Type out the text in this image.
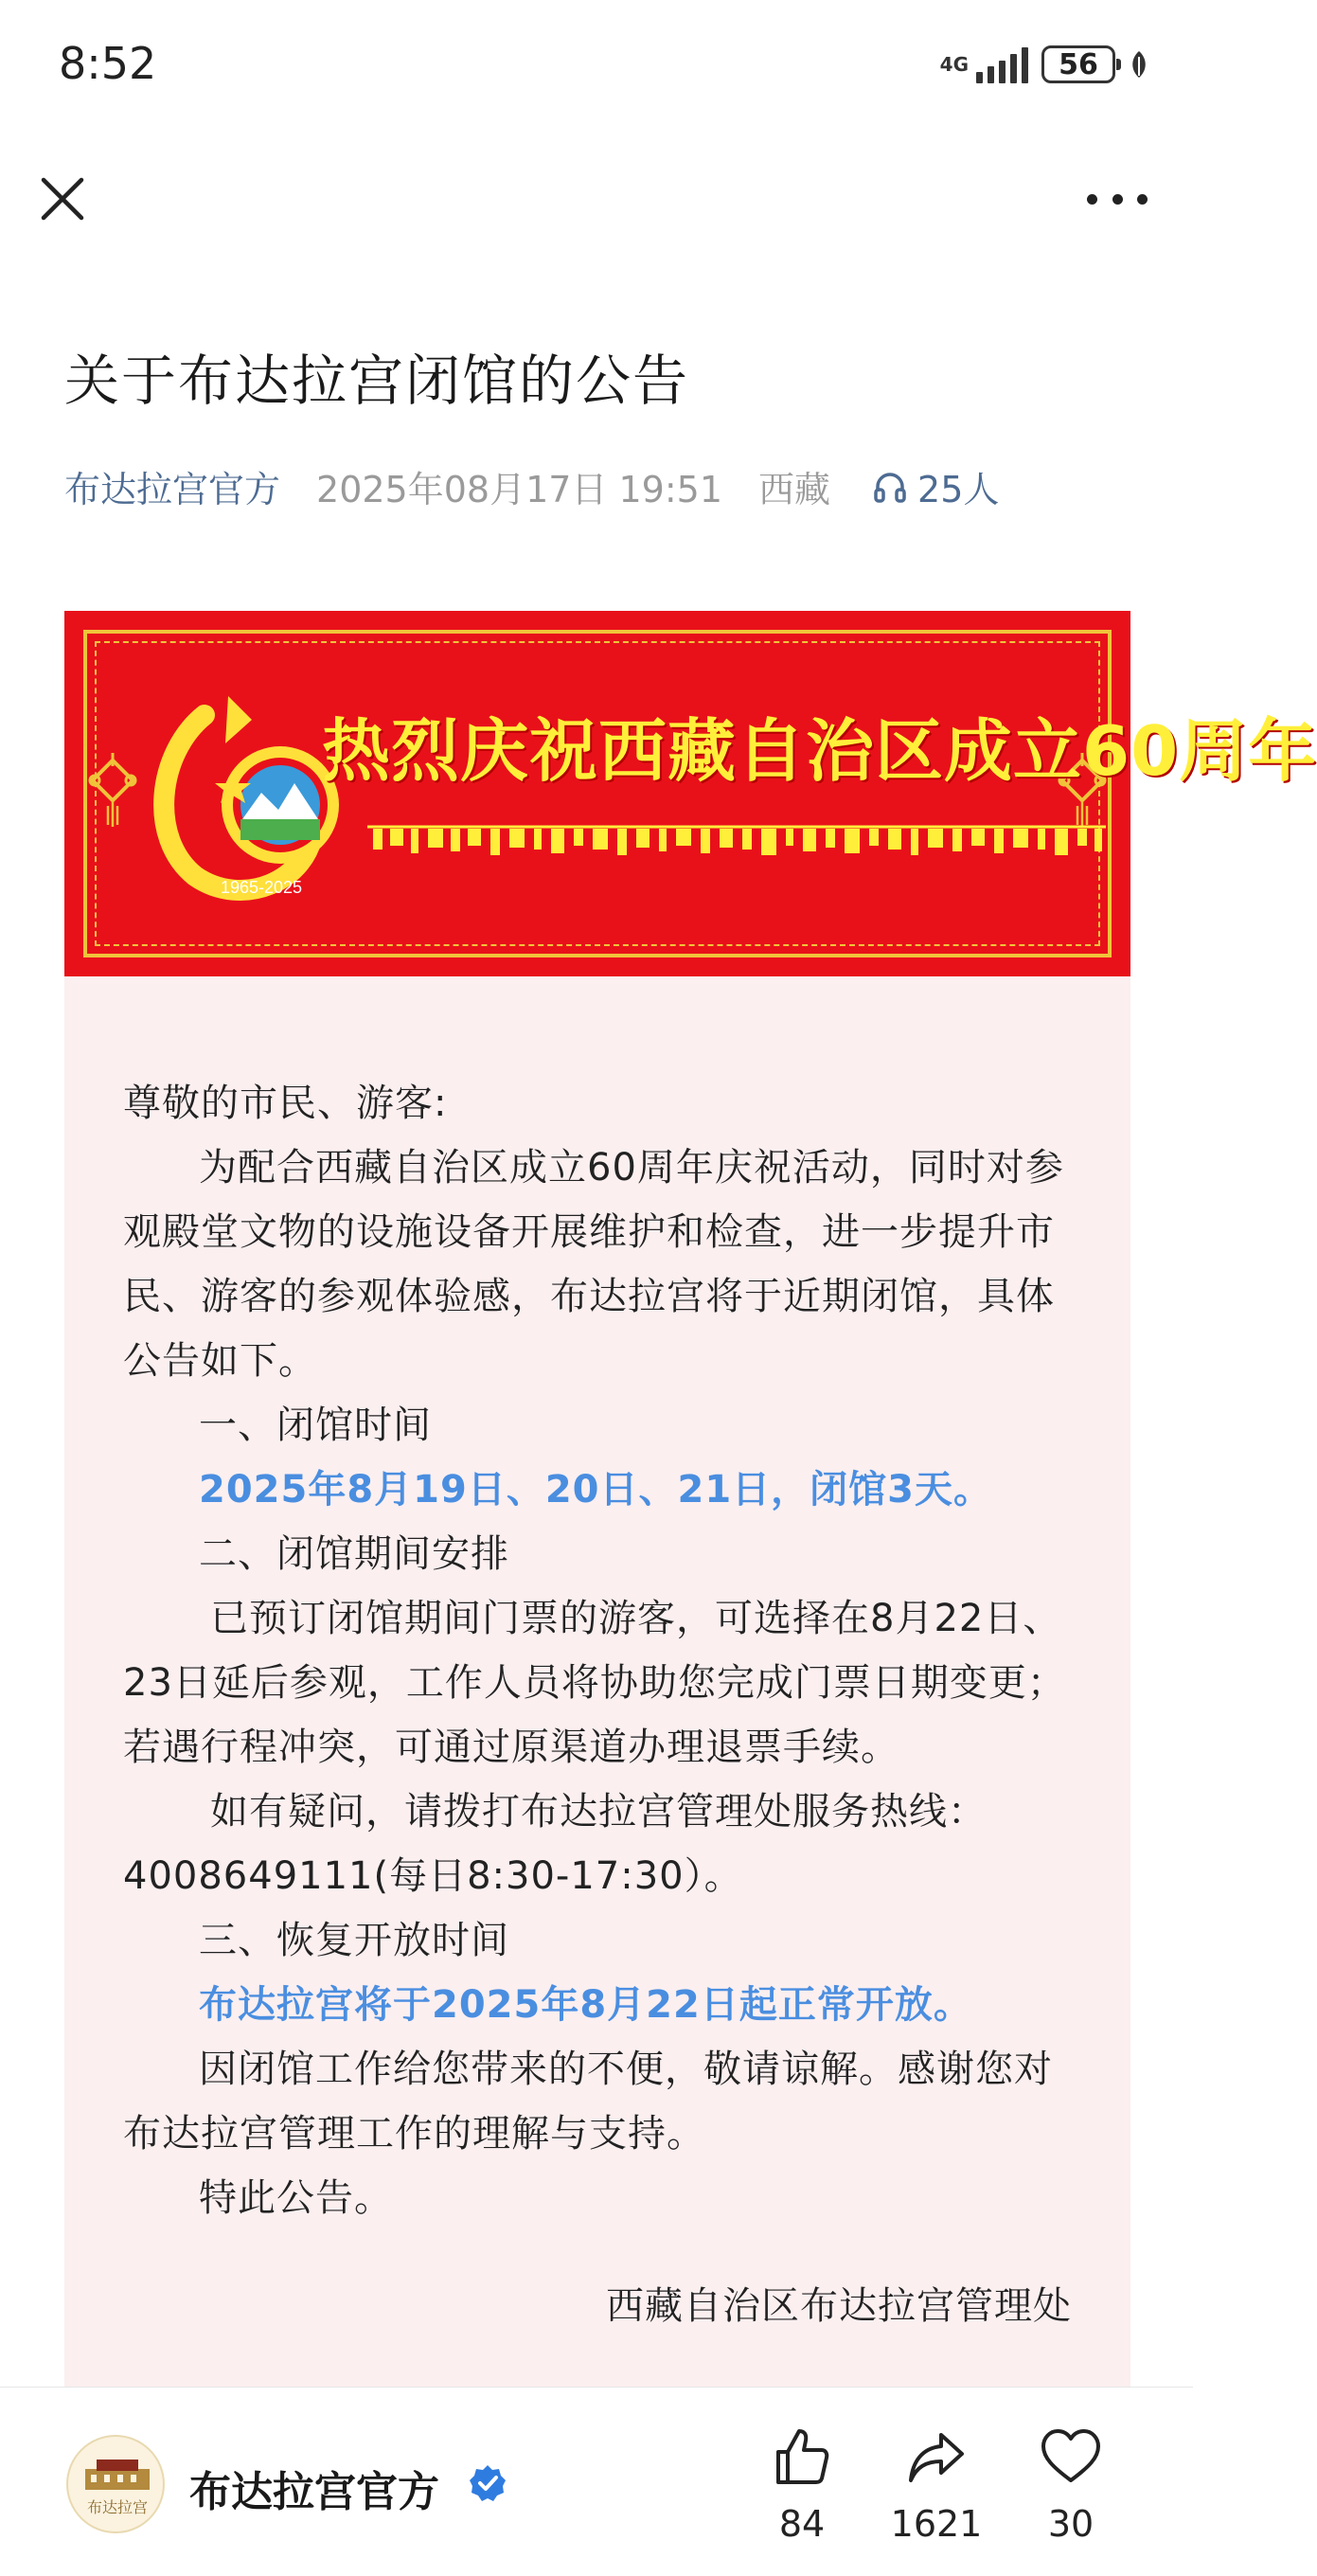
8:52	4G	56
关于布达拉宫闭馆的公告
布达拉宫官方 2025年08月17日 19:51 西藏 25人
1965-2025
热烈庆祝西藏自治区成立60周年

尊敬的市民、游客:

为配合西藏自治区成立60周年庆祝活动，同时对参观殿堂文物的设施设备开展维护和检查，进一步提升市民、游客的参观体验感，布达拉宫将于近期闭馆，具体公告如下。

一、闭馆时间

2025年8月19日、20日、21日，闭馆3天。

二、闭馆期间安排

已预订闭馆期间门票的游客，可选择在8月22日、23日延后参观，工作人员将协助您完成门票日期变更；若遇行程冲突，可通过原渠道办理退票手续。

如有疑问，请拨打布达拉宫管理处服务热线：4008649111(每日8:30-17:30）。

三、恢复开放时间

布达拉宫将于2025年8月22日起正常开放。

因闭馆工作给您带来的不便，敬请谅解。感谢您对布达拉宫管理工作的理解与支持。

特此公告。

西藏自治区布达拉宫管理处

布达拉宫 布达拉宫官方
84	1621	30
